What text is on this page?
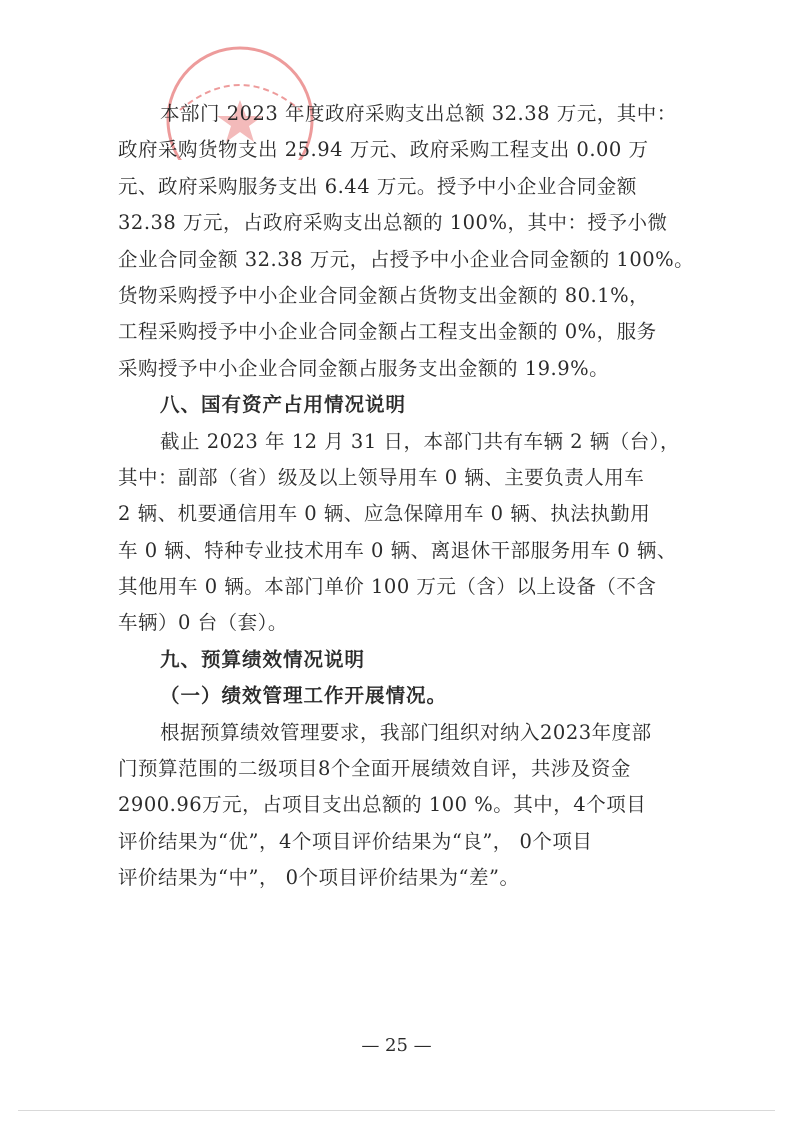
本部门 2023 年度政府采购支出总额 32.38 万元，其中：
政府采购货物支出 25.94 万元、政府采购工程支出 0.00 万
元、政府采购服务支出 6.44 万元。授予中小企业合同金额
32.38 万元，占政府采购支出总额的 100%，其中：授予小微
企业合同金额 32.38 万元，占授予中小企业合同金额的 100%。
货物采购授予中小企业合同金额占货物支出金额的 80.1%，
工程采购授予中小企业合同金额占工程支出金额的 0%，服务
采购授予中小企业合同金额占服务支出金额的 19.9%。
八、国有资产占用情况说明
截止 2023 年 12 月 31 日，本部门共有车辆 2 辆（台），
其中：副部（省）级及以上领导用车 0 辆、主要负责人用车
2 辆、机要通信用车 0 辆、应急保障用车 0 辆、执法执勤用
车 0 辆、特种专业技术用车 0 辆、离退休干部服务用车 0 辆、
其他用车 0 辆。本部门单价 100 万元（含）以上设备（不含
车辆）0 台（套）。
九、预算绩效情况说明
（一）绩效管理工作开展情况。
根据预算绩效管理要求，我部门组织对纳入2023年度部
门预算范围的二级项目8个全面开展绩效自评，共涉及资金
2900.96万元，占项目支出总额的 100 %。其中，4个项目
评价结果为“优”，4个项目评价结果为“良”， 0个项目
评价结果为“中”， 0个项目评价结果为“差”。
— 25 —
